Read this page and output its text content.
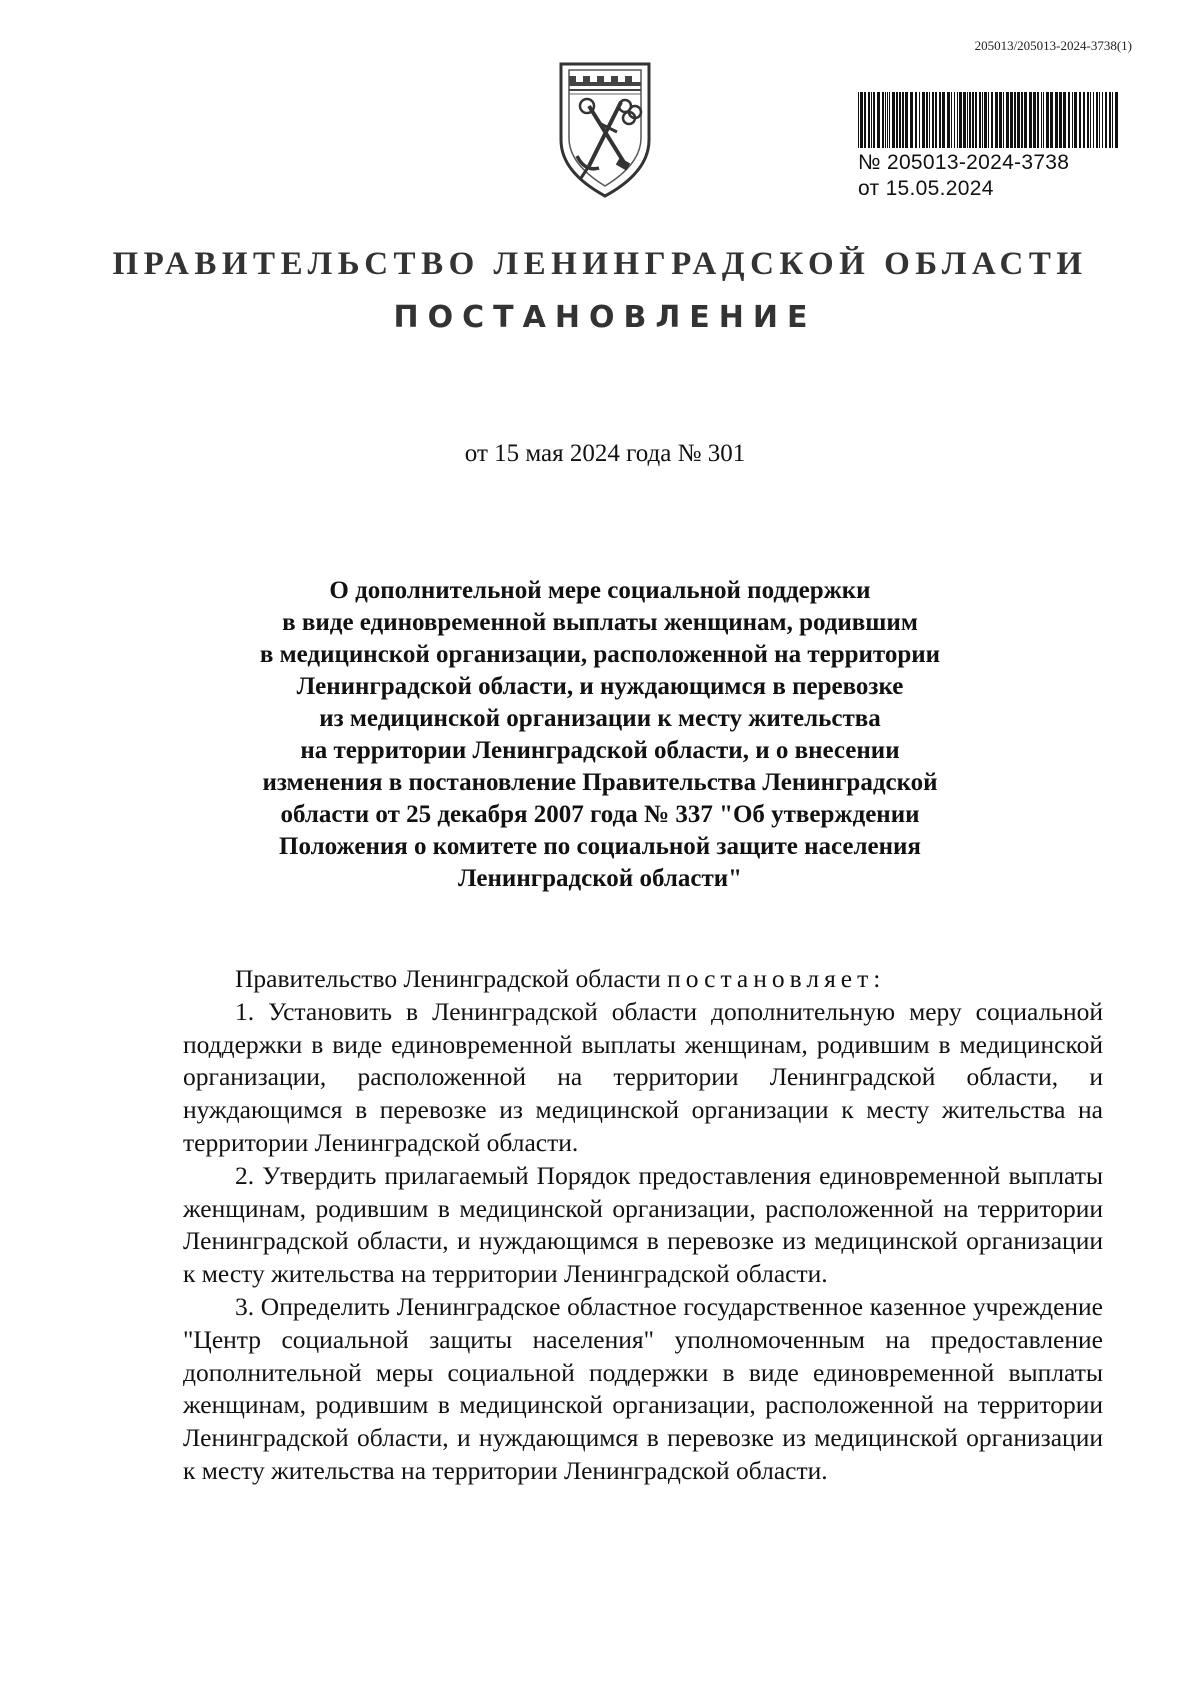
205013/205013-2024-3738(1)
№ 205013-2024-3738
от 15.05.2024
ПРАВИТЕЛЬСТВО ЛЕНИНГРАДСКОЙ ОБЛАСТИ
ПОСТАНОВЛЕНИЕ
от 15 мая 2024 года № 301
О дополнительной мере социальной поддержки
в виде единовременной выплаты женщинам, родившим
в медицинской организации, расположенной на территории
Ленинградской области, и нуждающимся в перевозке
из медицинской организации к месту жительства
на территории Ленинградской области, и о внесении
изменения в постановление Правительства Ленинградской
области от 25 декабря 2007 года № 337 "Об утверждении
Положения о комитете по социальной защите населения
Ленинградской области"

Правительство Ленинградской области постановляет:

1. Установить в Ленинградской области дополнительную меру социальной поддержки в виде единовременной выплаты женщинам, родившим в медицинской организации, расположенной на территории Ленинградской области, и нуждающимся в перевозке из медицинской организации к месту жительства на территории Ленинградской области.

2. Утвердить прилагаемый Порядок предоставления единовременной выплаты женщинам, родившим в медицинской организации, расположенной на территории Ленинградской области, и нуждающимся в перевозке из медицинской организации к месту жительства на территории Ленинградской области.

3. Определить Ленинградское областное государственное казенное учреждение "Центр социальной защиты населения" уполномоченным на предоставление дополнительной меры социальной поддержки в виде единовременной выплаты женщинам, родившим в медицинской организации, расположенной на территории Ленинградской области, и нуждающимся в перевозке из медицинской организации к месту жительства на территории Ленинградской области.
